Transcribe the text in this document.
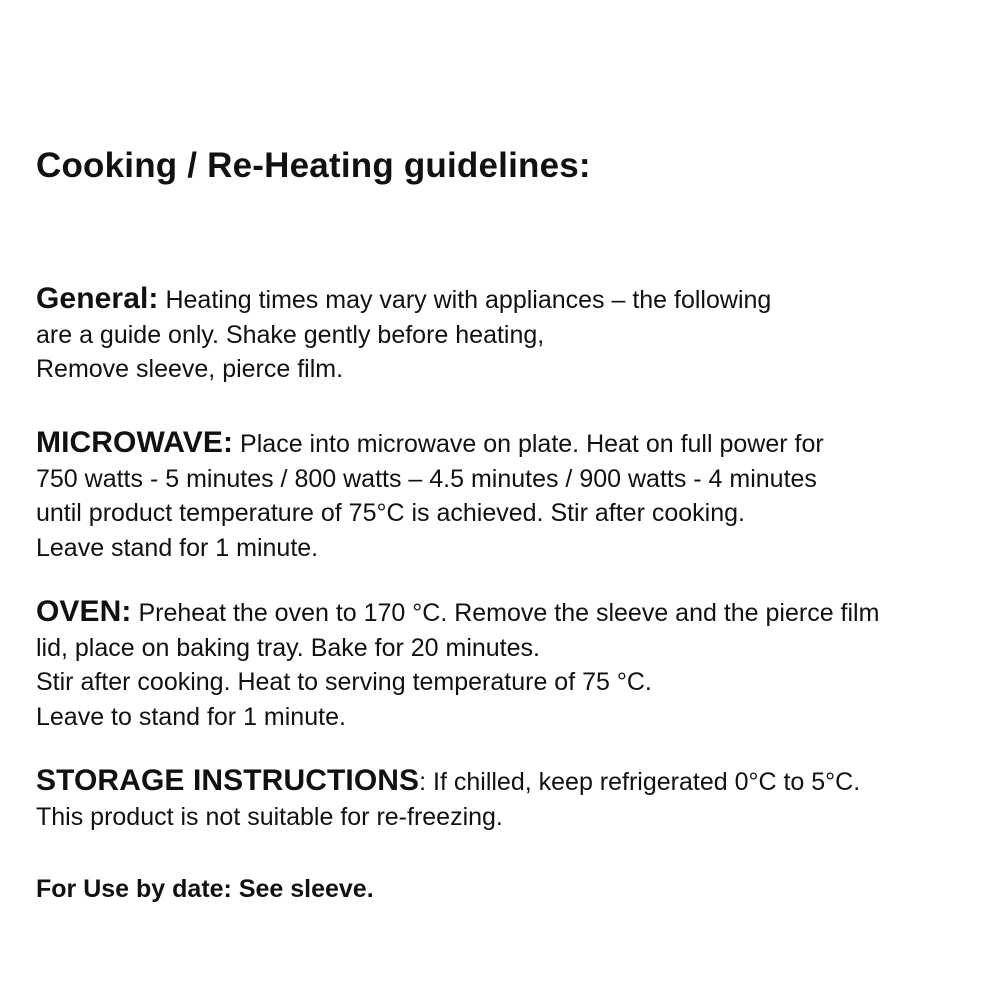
Cooking / Re-Heating guidelines:

General: Heating times may vary with appliances – the following
are a guide only. Shake gently before heating,
Remove sleeve, pierce film.

MICROWAVE: Place into microwave on plate. Heat on full power for
750 watts - 5 minutes / 800 watts – 4.5 minutes / 900 watts - 4 minutes
until product temperature of 75°C is achieved. Stir after cooking.
Leave stand for 1 minute.

OVEN: Preheat the oven to 170 °C. Remove the sleeve and the pierce film
lid, place on baking tray. Bake for 20 minutes.
Stir after cooking. Heat to serving temperature of 75 °C.
Leave to stand for 1 minute.

STORAGE INSTRUCTIONS: If chilled, keep refrigerated 0°C to 5°C.
This product is not suitable for re-freezing.

For Use by date: See sleeve.
